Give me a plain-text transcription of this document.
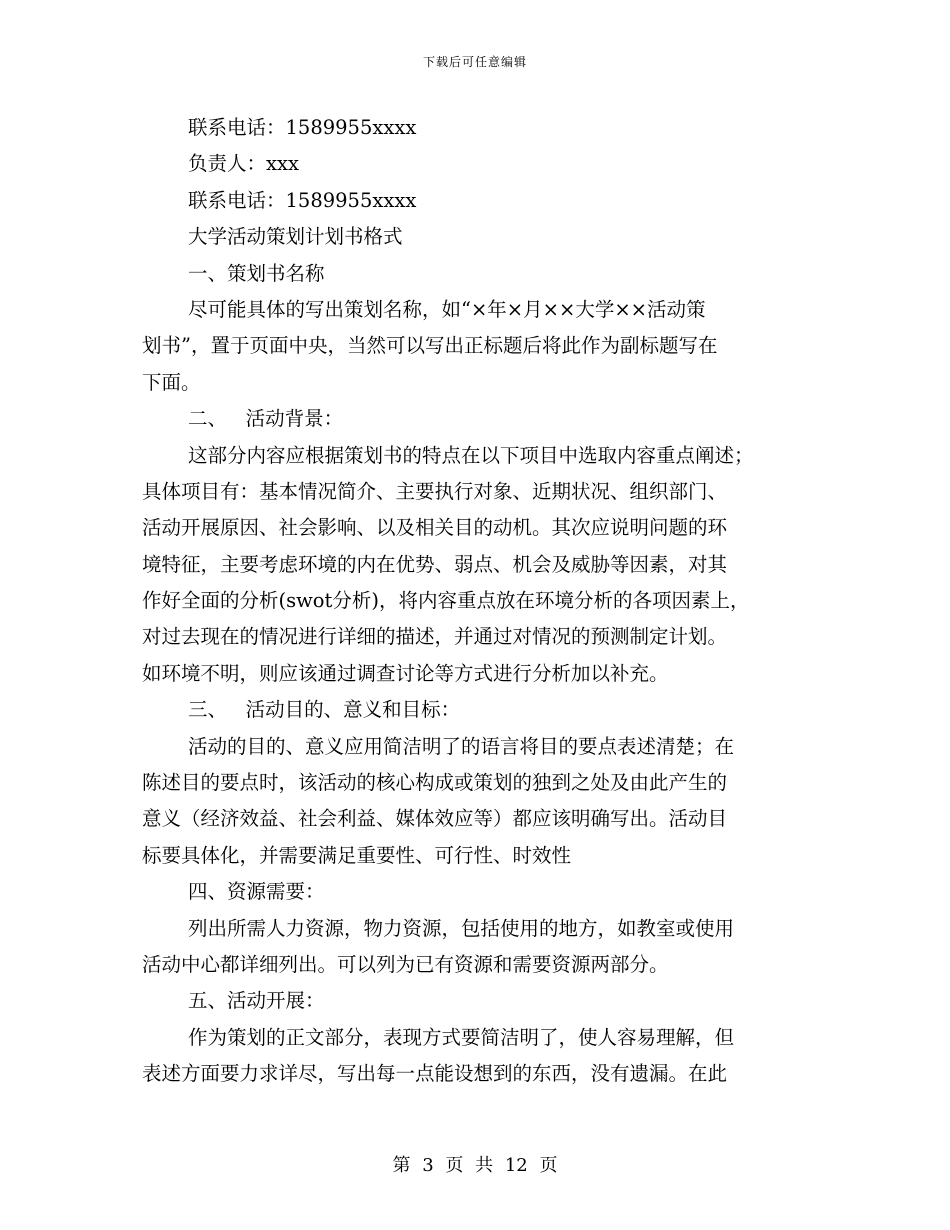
下载后可任意编辑
联系电话：1589955xxxx
负责人：xxx
联系电话：1589955xxxx
大学活动策划计划书格式
一、策划书名称
尽可能具体的写出策划名称，如“×年×月××大学××活动策
划书”，置于页面中央，当然可以写出正标题后将此作为副标题写在
下面。
二、   活动背景：
这部分内容应根据策划书的特点在以下项目中选取内容重点阐述；
具体项目有：基本情况简介、主要执行对象、近期状况、组织部门、
活动开展原因、社会影响、以及相关目的动机。其次应说明问题的环
境特征，主要考虑环境的内在优势、弱点、机会及威胁等因素，对其
作好全面的分析(swot分析)，将内容重点放在环境分析的各项因素上，
对过去现在的情况进行详细的描述，并通过对情况的预测制定计划。
如环境不明，则应该通过调查讨论等方式进行分析加以补充。
三、   活动目的、意义和目标：
活动的目的、意义应用简洁明了的语言将目的要点表述清楚；在
陈述目的要点时，该活动的核心构成或策划的独到之处及由此产生的
意义（经济效益、社会利益、媒体效应等）都应该明确写出。活动目
标要具体化，并需要满足重要性、可行性、时效性
四、资源需要：
列出所需人力资源，物力资源，包括使用的地方，如教室或使用
活动中心都详细列出。可以列为已有资源和需要资源两部分。
五、活动开展：
作为策划的正文部分，表现方式要简洁明了，使人容易理解，但
表述方面要力求详尽，写出每一点能设想到的东西，没有遗漏。在此
第 3 页 共 12 页
